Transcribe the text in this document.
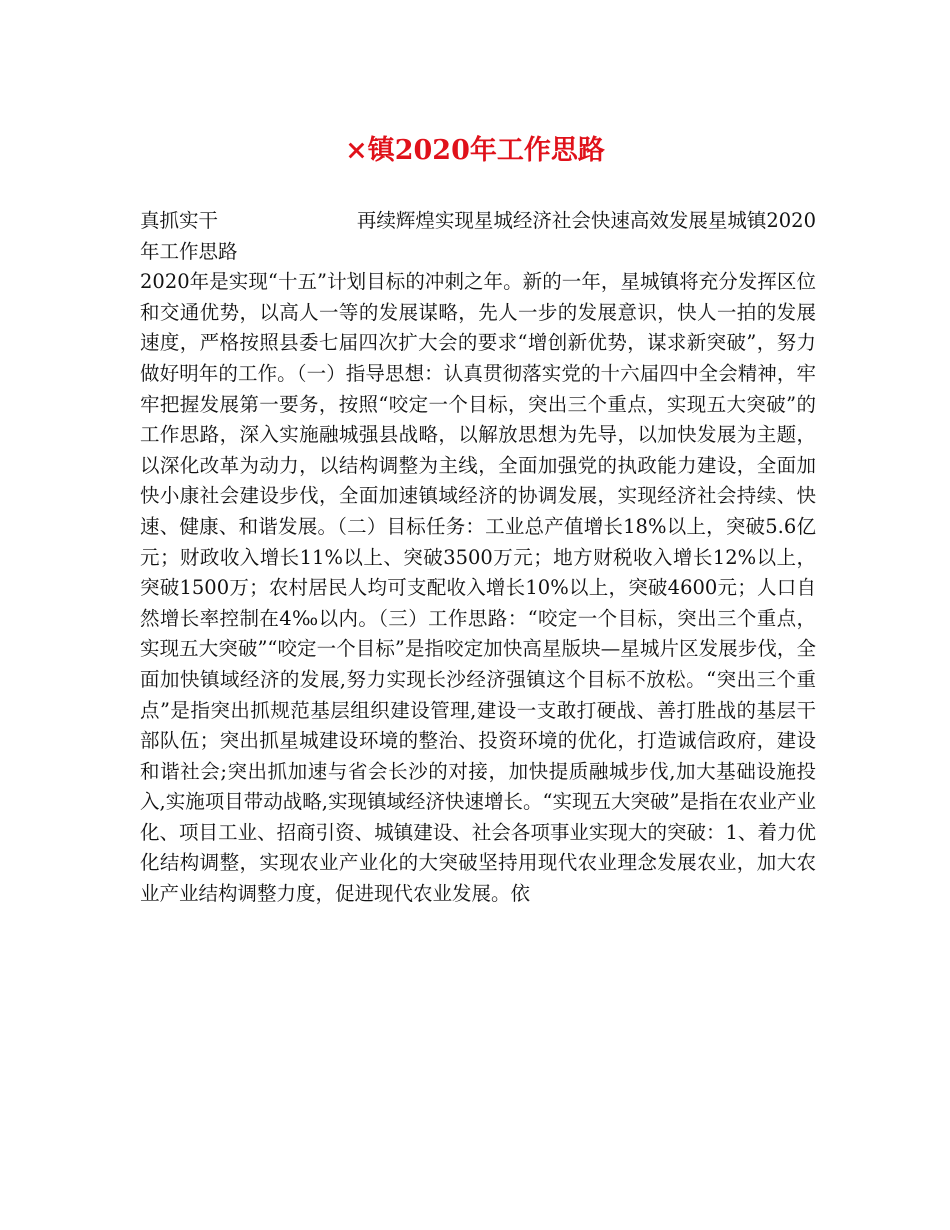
×镇2020年工作思路
真抓实干	再续辉煌实现星城经济社会快速高效发展星城镇2020

年工作思路

2020年是实现“十五”计划目标的冲刺之年。新的一年，星城镇将充分发挥区位和交通优势，以高人一等的发展谋略，先人一步的发展意识，快人一拍的发展速度，严格按照县委七届四次扩大会的要求“增创新优势，谋求新突破”，努力做好明年的工作。（一）指导思想：认真贯彻落实党的十六届四中全会精神，牢牢把握发展第一要务，按照“咬定一个目标，突出三个重点，实现五大突破”的工作思路，深入实施融城强县战略，以解放思想为先导，以加快发展为主题，以深化改革为动力，以结构调整为主线，全面加强党的执政能力建设，全面加快小康社会建设步伐，全面加速镇域经济的协调发展，实现经济社会持续、快速、健康、和谐发展。（二）目标任务：工业总产值增长18%以上，突破5.6亿元；财政收入增长11%以上、突破3500万元；地方财税收入增长12%以上，突破1500万；农村居民人均可支配收入增长10%以上，突破4600元；人口自然增长率控制在4‰以内。（三）工作思路：“咬定一个目标，突出三个重点，实现五大突破”“咬定一个目标”是指咬定加快高星版块—星城片区发展步伐，全面加快镇域经济的发展,努力实现长沙经济强镇这个目标不放松。“突出三个重点”是指突出抓规范基层组织建设管理,建设一支敢打硬战、善打胜战的基层干部队伍；突出抓星城建设环境的整治、投资环境的优化，打造诚信政府，建设和谐社会;突出抓加速与省会长沙的对接，加快提质融城步伐,加大基础设施投入,实施项目带动战略,实现镇域经济快速增长。“实现五大突破”是指在农业产业化、项目工业、招商引资、城镇建设、社会各项事业实现大的突破：1、着力优化结构调整，实现农业产业化的大突破坚持用现代农业理念发展农业，加大农业产业结构调整力度，促进现代农业发展。依
